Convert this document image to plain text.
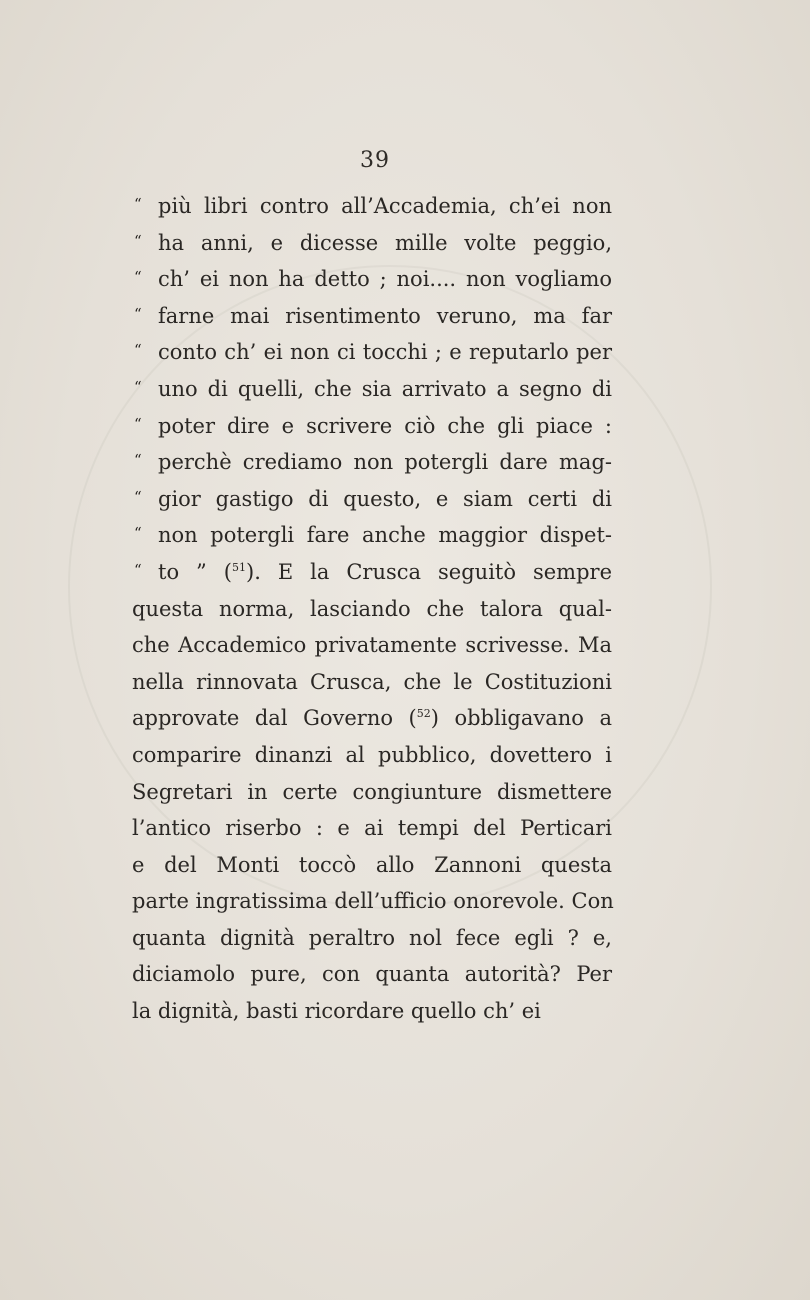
39
“ più libri contro all’Accademia, ch’ei non
“ ha anni, e dicesse mille volte peggio,
“ ch’ ei non ha detto ; noi.... non vogliamo
“ farne mai risentimento veruno, ma far
“ conto ch’ ei non ci tocchi ; e reputarlo per
“ uno di quelli, che sia arrivato a segno di
“ poter dire e scrivere ciò che gli piace :
“ perchè crediamo non potergli dare mag-
“ gior gastigo di questo, e siam certi di
“ non potergli fare anche maggior dispet-
“ to ” ($^{51}$). E la Crusca seguitò sempre
questa norma, lasciando che talora qual-
che Accademico privatamente scrivesse. Ma
nella rinnovata Crusca, che le Costituzioni
approvate dal Governo ($^{52}$) obbligavano a
comparire dinanzi al pubblico, dovettero i
Segretari in certe congiunture dismettere
l’antico riserbo : e ai tempi del Perticari
e del Monti toccò allo Zannoni questa
parte ingratissima dell’ufficio onorevole. Con
quanta dignità peraltro nol fece egli ? e,
diciamolo pure, con quanta autorità? Per
la dignità, basti ricordare quello ch’ ei
